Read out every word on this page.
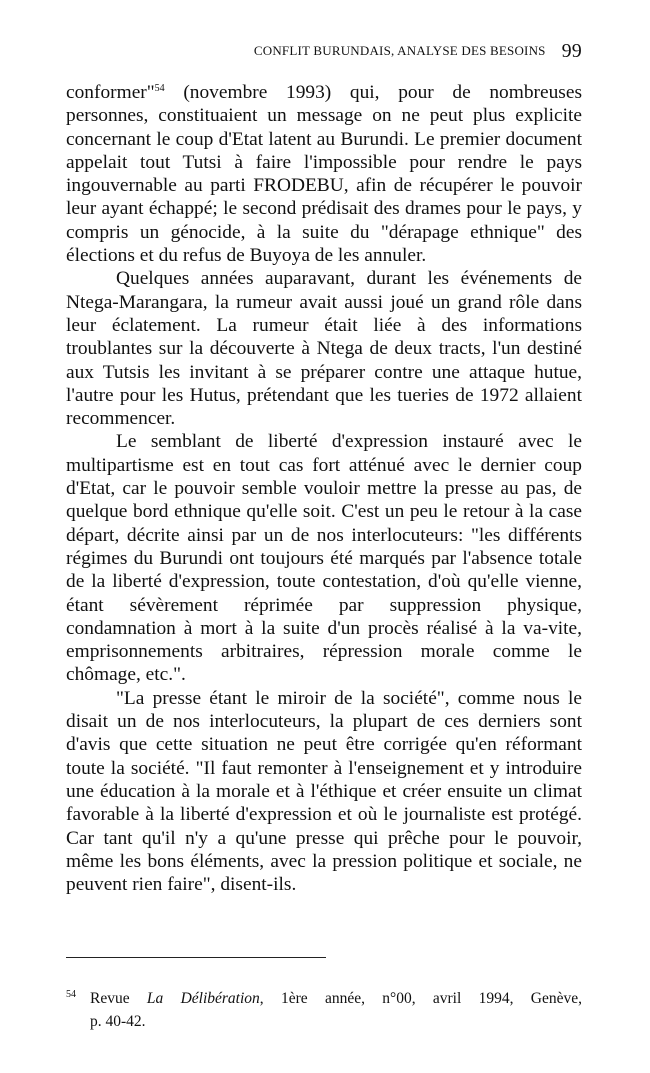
CONFLIT BURUNDAIS, ANALYSE DES BESOINS 99

conformer"$^{54}$ (novembre 1993) qui, pour de nombreuses personnes, constituaient un message on ne peut plus explicite concernant le coup d'Etat latent au Burundi. Le premier document appelait tout Tutsi à faire l'impossible pour rendre le pays ingouvernable au parti FRODEBU, afin de récupérer le pouvoir leur ayant échappé; le second prédisait des drames pour le pays, y compris un génocide, à la suite du "dérapage ethnique" des élections et du refus de Buyoya de les annuler.

Quelques années auparavant, durant les événements de Ntega-Marangara, la rumeur avait aussi joué un grand rôle dans leur éclatement. La rumeur était liée à des informations troublantes sur la découverte à Ntega de deux tracts, l'un destiné aux Tutsis les invitant à se préparer contre une attaque hutue, l'autre pour les Hutus, prétendant que les tueries de 1972 allaient recommencer.

Le semblant de liberté d'expression instauré avec le multipartisme est en tout cas fort atténué avec le dernier coup d'Etat, car le pouvoir semble vouloir mettre la presse au pas, de quelque bord ethnique qu'elle soit. C'est un peu le retour à la case départ, décrite ainsi par un de nos interlocuteurs: "les différents régimes du Burundi ont toujours été marqués par l'absence totale de la liberté d'expression, toute contestation, d'où qu'elle vienne, étant sévèrement réprimée par suppression physique, condamnation à mort à la suite d'un procès réalisé à la va-vite, emprisonnements arbitraires, répression morale comme le chômage, etc.".

"La presse étant le miroir de la société", comme nous le disait un de nos interlocuteurs, la plupart de ces derniers sont d'avis que cette situation ne peut être corrigée qu'en réformant toute la société. "Il faut remonter à l'enseignement et y introduire une éducation à la morale et à l'éthique et créer ensuite un climat favorable à la liberté d'expression et où le journaliste est protégé. Car tant qu'il n'y a qu'une presse qui prêche pour le pouvoir, même les bons éléments, avec la pression politique et sociale, ne peuvent rien faire", disent-ils.

54 Revue La Délibération, 1ère année, n°00, avril 1994, Genève,
p. 40-42.
